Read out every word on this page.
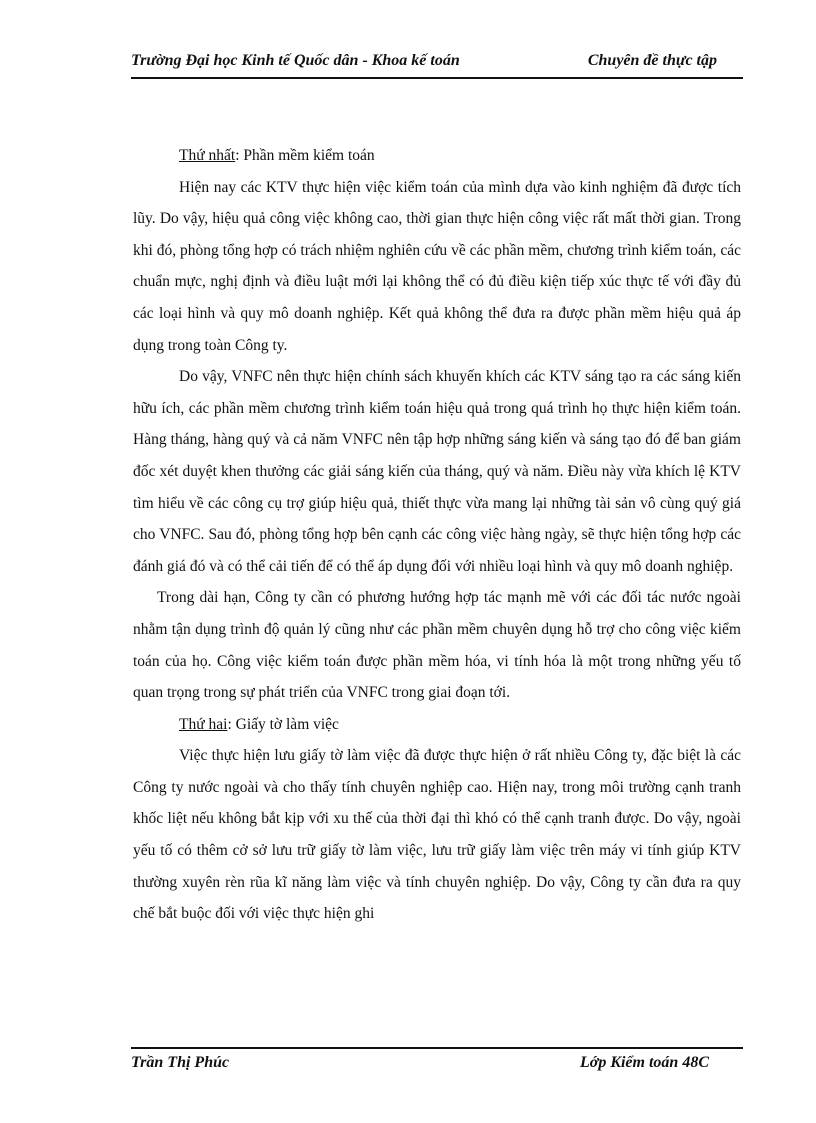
Trường Đại học Kinh tế Quốc dân - Khoa kế toán	Chuyên đề thực tập

Thứ nhất: Phần mềm kiểm toán

Hiện nay các KTV thực hiện việc kiểm toán của mình dựa vào kinh nghiệm đã được tích lũy. Do vậy, hiệu quả công việc không cao, thời gian thực hiện công việc rất mất thời gian. Trong khi đó, phòng tổng hợp có trách nhiệm nghiên cứu về các phần mềm, chương trình kiểm toán, các chuẩn mực, nghị định và điều luật mới lại không thể có đủ điều kiện tiếp xúc thực tế với đầy đủ các loại hình và quy mô doanh nghiệp. Kết quả không thể đưa ra được phần mềm hiệu quả áp dụng trong toàn Công ty.

Do vậy, VNFC nên thực hiện chính sách khuyến khích các KTV sáng tạo ra các sáng kiến hữu ích, các phần mềm chương trình kiểm toán hiệu quả trong quá trình họ thực hiện kiểm toán. Hàng tháng, hàng quý và cả năm VNFC nên tập hợp những sáng kiến và sáng tạo đó để ban giám đốc xét duyệt khen thưởng các giải sáng kiến của tháng, quý và năm. Điều này vừa khích lệ KTV tìm hiểu về các công cụ trợ giúp hiệu quả, thiết thực vừa mang lại những tài sản vô cùng quý giá cho VNFC. Sau đó, phòng tổng hợp bên cạnh các công việc hàng ngày, sẽ thực hiện tổng hợp các đánh giá đó và có thể cải tiến để có thể áp dụng đối với nhiều loại hình và quy mô doanh nghiệp.

Trong dài hạn, Công ty cần có phương hướng hợp tác mạnh mẽ với các đối tác nước ngoài nhằm tận dụng trình độ quản lý cũng như các phần mềm chuyên dụng hỗ trợ cho công việc kiểm toán của họ. Công việc kiểm toán được phần mềm hóa, vi tính hóa là một trong những yếu tố quan trọng trong sự phát triển của VNFC trong giai đoạn tới.

Thứ hai: Giấy tờ làm việc

Việc thực hiện lưu giấy tờ làm việc đã được thực hiện ở rất nhiều Công ty, đặc biệt là các Công ty nước ngoài và cho thấy tính chuyên nghiệp cao. Hiện nay, trong môi trường cạnh tranh khốc liệt nếu không bắt kịp với xu thế của thời đại thì khó có thể cạnh tranh được. Do vậy, ngoài yếu tố có thêm cở sở lưu trữ giấy tờ làm việc, lưu trữ giấy làm việc trên máy vi tính giúp KTV thường xuyên rèn rũa kĩ năng làm việc và tính chuyên nghiệp. Do vậy, Công ty cần đưa ra quy chế bắt buộc đối với việc thực hiện ghi

Trần Thị Phúc	Lớp Kiểm toán 48C
